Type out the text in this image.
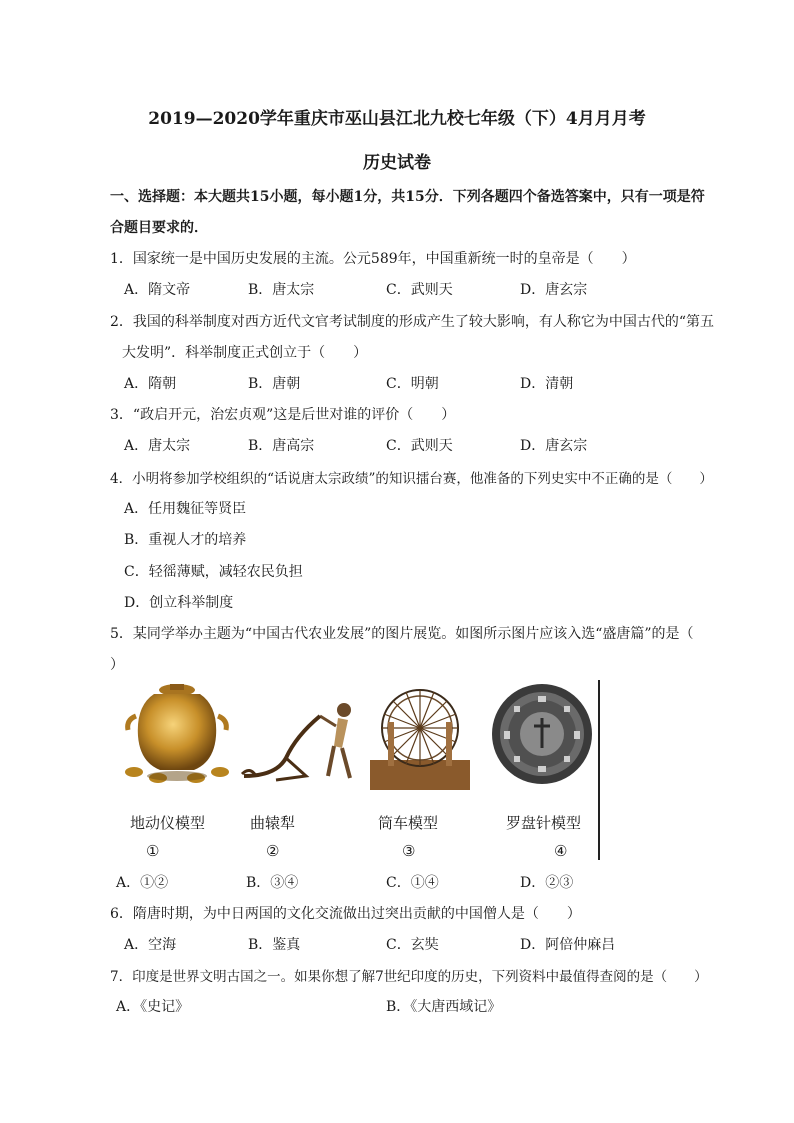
2019—2020学年重庆市巫山县江北九校七年级（下）4月月月考
历史试卷
一、选择题：本大题共15小题，每小题1分，共15分．下列各题四个备选答案中，只有一项是符
合题目要求的．
1．国家统一是中国历史发展的主流。公元589年，中国重新统一时的皇帝是（　　）
A．隋文帝	B．唐太宗	C．武则天	D．唐玄宗
2．我国的科举制度对西方近代文官考试制度的形成产生了较大影响，有人称它为中国古代的“第五
大发明”．科举制度正式创立于（　　）
A．隋朝	B．唐朝	C．明朝	D．清朝
3．“政启开元，治宏贞观”这是后世对谁的评价（　　）
A．唐太宗	B．唐高宗	C．武则天	D．唐玄宗
4．小明将参加学校组织的“话说唐太宗政绩”的知识擂台赛，他准备的下列史实中不正确的是（　　）
A．任用魏征等贤臣
B．重视人才的培养
C．轻徭薄赋，减轻农民负担
D．创立科举制度
5．某同学举办主题为“中国古代农业发展”的图片展览。如图所示图片应该入选“盛唐篇”的是（
）
地动仪模型	曲辕犁	筒车模型	罗盘针模型
①	②	③	④
A．①②	B．③④	C．①④	D．②③
6．隋唐时期，为中日两国的文化交流做出过突出贡献的中国僧人是（　　）
A．空海	B．鉴真	C．玄奘	D．阿倍仲麻吕
7．印度是世界文明古国之一。如果你想了解7世纪印度的历史，下列资料中最值得查阅的是（　　）
A．《史记》	B．《大唐西域记》
